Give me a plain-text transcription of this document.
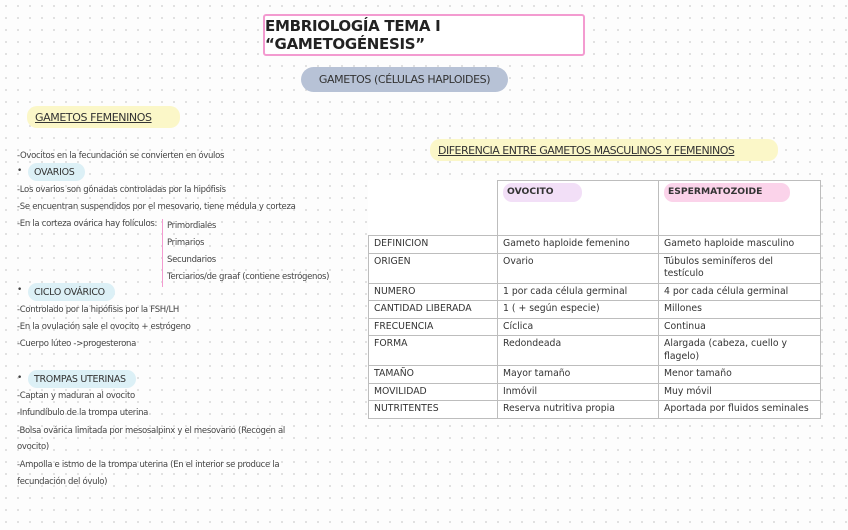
EMBRIOLOGÍA TEMA I “GAMETOGÉNESIS”
GAMETOS (CÉLULAS HAPLOIDES)
GAMETOS FEMENINOS
-Ovocitos en la fecundación se convierten en óvulos
•	OVARIOS
-Los ovarios son gónadas controladas por la hipófisis
-Se encuentran suspendidos por el mesovario, tiene médula y corteza
-En la corteza ovárica hay folículos: Primordiales
Primarios
Secundarios
Terciarios/de graaf (contiene estrógenos)
•	CICLO OVÁRICO
-Controlado por la hipófisis por la FSH/LH
-En la ovulación sale el ovocito + estrógeno
-Cuerpo lúteo ->progesterona
•	TROMPAS UTERINAS
-Captan y maduran al ovocito
-Infundíbulo de la trompa uterina
-Bolsa ovárica limitada por mesosalpinx y el mesovario (Recogen al
ovocito)
-Ampolla e istmo de la trompa uterina (En el interior se produce la
fecundación del óvulo)
DIFERENCIA ENTRE GAMETOS MASCULINOS Y FEMENINOS
	OVOCITO	ESPERMATOZOIDE
DEFINICION	Gameto haploide femenino	Gameto haploide masculino
ORIGEN	Ovario	Túbulos seminíferos del testículo
NUMERO	1 por cada célula germinal	4 por cada célula germinal
CANTIDAD LIBERADA	1 ( + según especie)	Millones
FRECUENCIA	Cíclica	Continua
FORMA	Redondeada	Alargada (cabeza, cuello y flagelo)
TAMAÑO	Mayor tamaño	Menor tamaño
MOVILIDAD	Inmóvil	Muy móvil
NUTRITENTES	Reserva nutritiva propia	Aportada por fluidos seminales
